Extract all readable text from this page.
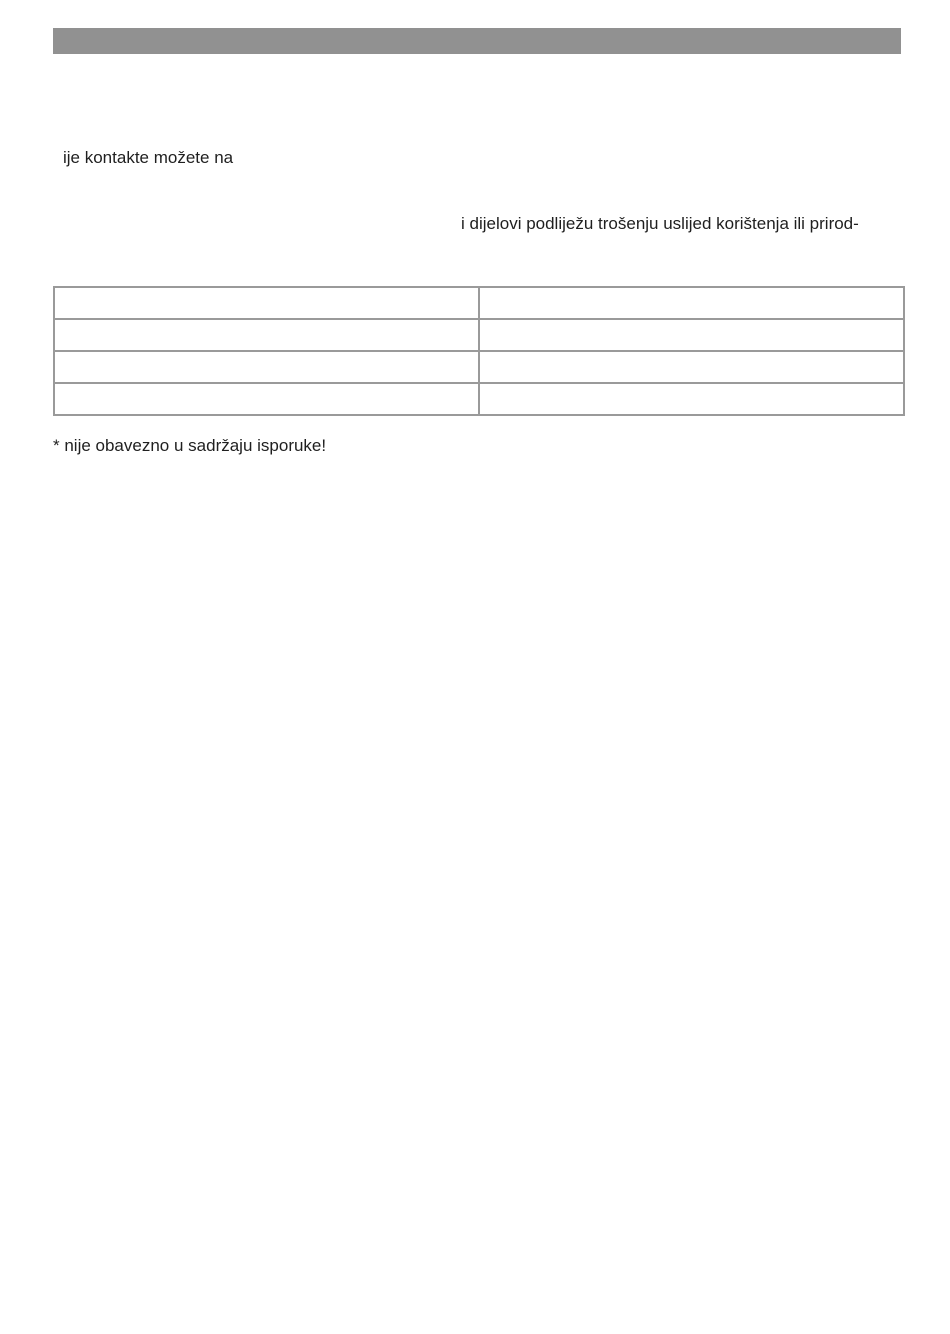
ije kontakte možete na
i dijelovi podliježu trošenju uslijed korištenja ili prirod-

* nije obavezno u sadržaju isporuke!
